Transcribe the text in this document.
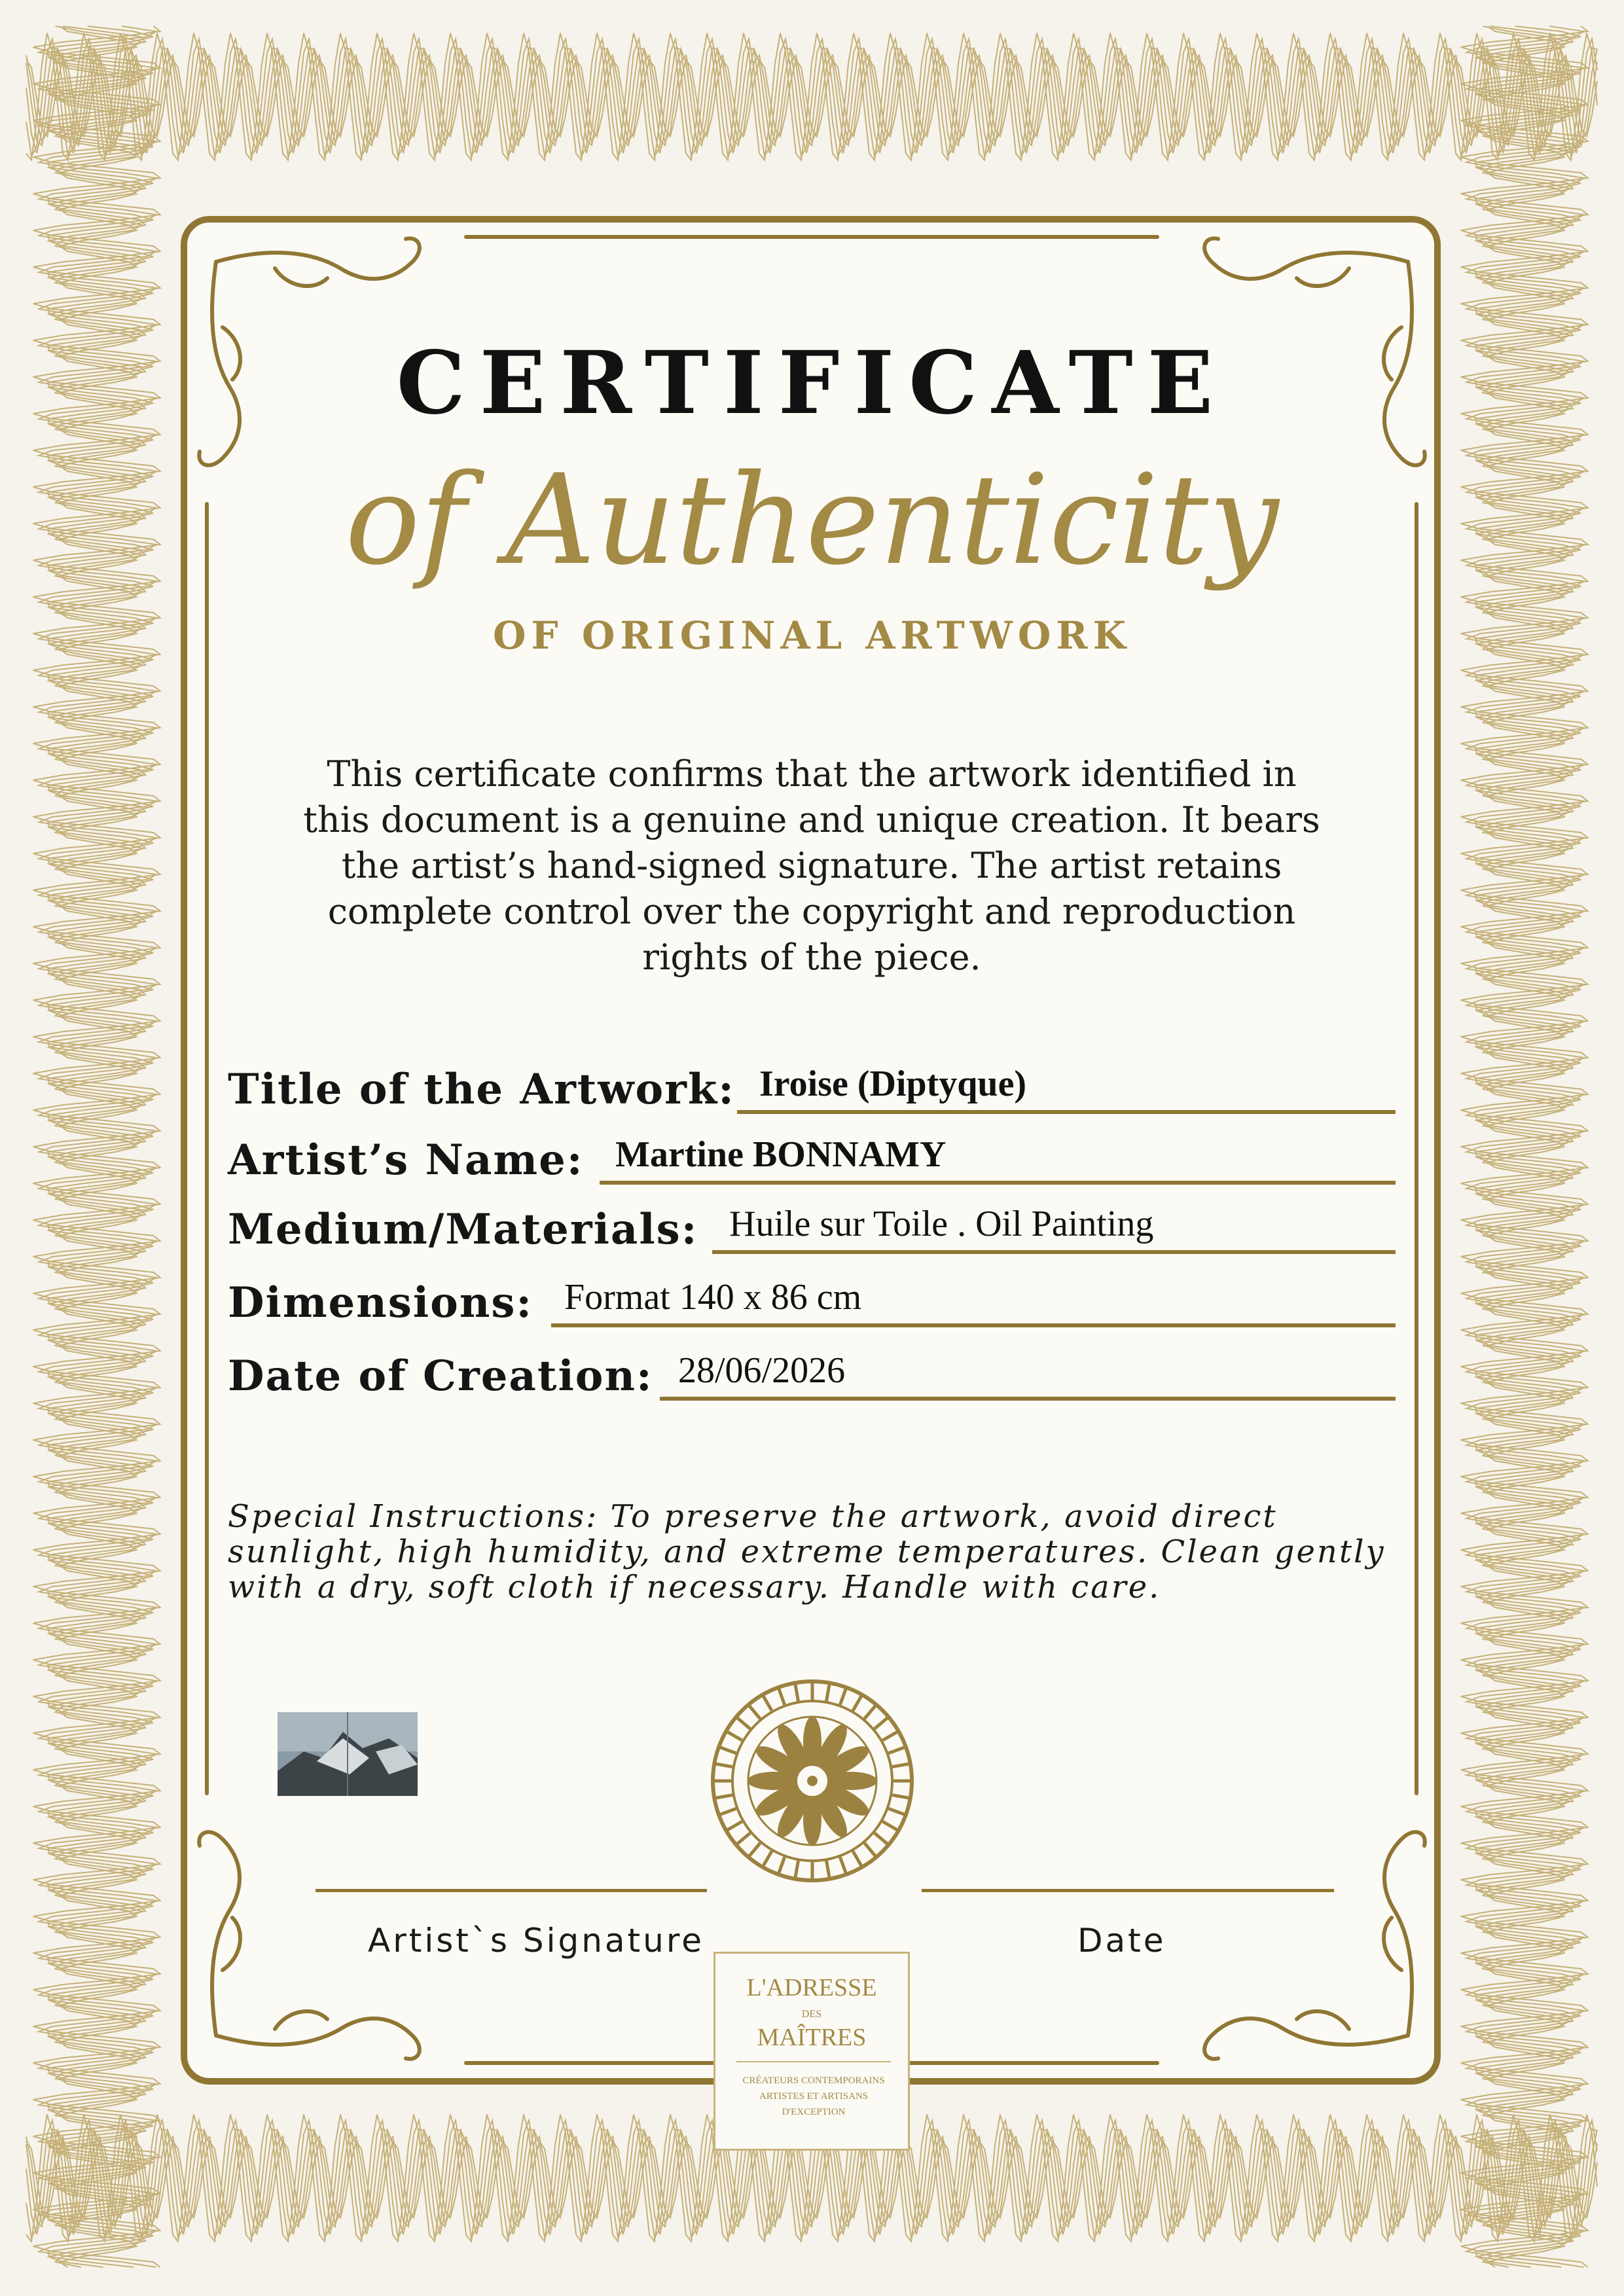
CERTIFICATE
of Authenticity
OF ORIGINAL ARTWORK
This certificate confirms that the artwork identified in
this document is a genuine and unique creation. It bears
the artist’s hand-signed signature. The artist retains
complete control over the copyright and reproduction
rights of the piece.
Title of the Artwork: Iroise (Diptyque)
Artist’s Name: Martine BONNAMY
Medium/Materials: Huile sur Toile . Oil Painting
Dimensions: Format 140 x 86 cm
Date of Creation: 28/06/2026
Special Instructions: To preserve the artwork, avoid direct
sunlight, high humidity, and extreme temperatures. Clean gently
with a dry, soft cloth if necessary. Handle with care.
Artist`s Signature	Date
L'ADRESSE
DES
MAÎTRES
CRÉATEURS CONTEMPORAINS
ARTISTES ET ARTISANS
D'EXCEPTION
